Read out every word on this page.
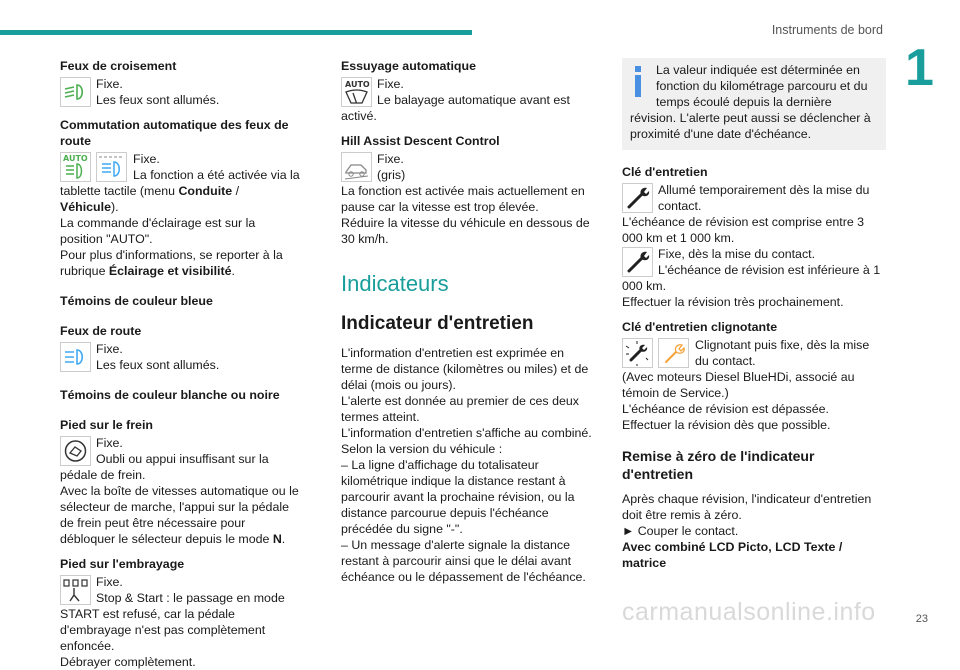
Instruments de bord
1
Feux de croisement
Fixe.
Les feux sont allumés.
Commutation automatique des feux de route
AUTO	Fixe.
La fonction a été activée via la tablette tactile (menu Conduite / Véhicule).
La commande d'éclairage est sur la position "AUTO".
Pour plus d'informations, se reporter à la rubrique Éclairage et visibilité.
Témoins de couleur bleue
Feux de route
Fixe.
Les feux sont allumés.
Témoins de couleur blanche ou noire
Pied sur le frein
Fixe.
Oubli ou appui insuffisant sur la pédale de frein.
Avec la boîte de vitesses automatique ou le sélecteur de marche, l'appui sur la pédale de frein peut être nécessaire pour débloquer le sélecteur depuis le mode N.
Pied sur l'embrayage
Fixe.
Stop & Start : le passage en mode START est refusé, car la pédale d'embrayage n'est pas complètement enfoncée.
Débrayer complètement.
Essuyage automatique
AUTO Fixe.
Le balayage automatique avant est activé.
Hill Assist Descent Control
Fixe.
(gris)
La fonction est activée mais actuellement en pause car la vitesse est trop élevée.
Réduire la vitesse du véhicule en dessous de 30 km/h.
Indicateurs
Indicateur d'entretien
L'information d'entretien est exprimée en terme de distance (kilomètres ou miles) et de délai (mois ou jours).
L'alerte est donnée au premier de ces deux termes atteint.
L'information d'entretien s'affiche au combiné. Selon la version du véhicule :
– La ligne d'affichage du totalisateur kilométrique indique la distance restant à parcourir avant la prochaine révision, ou la distance parcourue depuis l'échéance précédée du signe "-".
– Un message d'alerte signale la distance restant à parcourir ainsi que le délai avant échéance ou le dépassement de l'échéance.
La valeur indiquée est déterminée en fonction du kilométrage parcouru et du temps écoulé depuis la dernière révision. L'alerte peut aussi se déclencher à proximité d'une date d'échéance.
Clé d'entretien
Allumé temporairement dès la mise du contact.
L'échéance de révision est comprise entre 3 000 km et 1 000 km.
Fixe, dès la mise du contact.
L'échéance de révision est inférieure à 1 000 km.
Effectuer la révision très prochainement.
Clé d'entretien clignotante
Clignotant puis fixe, dès la mise du contact.
(Avec moteurs Diesel BlueHDi, associé au témoin de Service.)
L'échéance de révision est dépassée.
Effectuer la révision dès que possible.
Remise à zéro de l'indicateur d'entretien
Après chaque révision, l'indicateur d'entretien doit être remis à zéro.
► Couper le contact.
Avec combiné LCD Picto, LCD Texte / matrice
carmanualsonline.info	23
